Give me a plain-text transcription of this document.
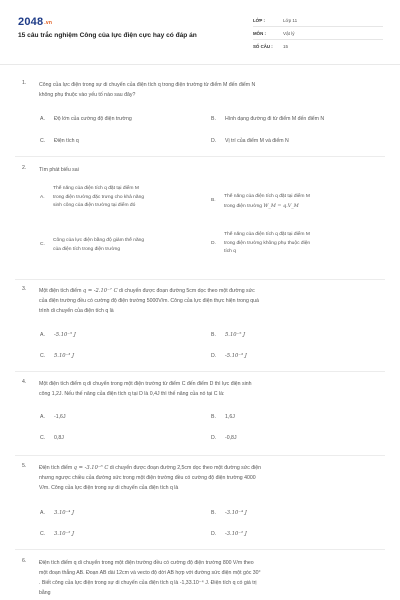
2048.vn
15 câu trắc nghiệm Công của lực điện cực hay có đáp án
LỚP :	Lớp 11
MÔN :	Vật lý
SỐ CÂU :	15
1. Công của lực điện trong sự di chuyển của điện tích q trong điện trường từ điểm M đến điểm N
không phụ thuộc vào yếu tố nào sau đây?
A. Độ lớn của cường độ điện trường	B. Hình dạng đường đi từ điểm M đến điểm N
C. Điện tích q	D. Vị trí của điểm M và điểm N
2. Tìm phát biểu sai
A.
Thế năng của điện tích q đặt tại điểm M
trong điện trường đặc trưng cho khả năng
sinh công của điện trường tại điểm đó
B.
Thế năng của điện tích q đặt tại điểm M
trong điện trường W_M = q.V_M
C.
Công của lực điện bằng độ giảm thế năng
của điện tích trong điện trường
D.
Thế năng của điện tích q đặt tại điểm M
trong điện trường không phụ thuộc điện
tích q
3. Một điện tích điểm q = -2.10⁻⁷ C di chuyển được đoạn đường 5cm dọc theo một đường sức
của điện trường đều có cường độ điện trường 5000V/m. Công của lực điện thực hiện trong quá
trình di chuyển của điện tích q là
A. -5.10⁻⁵ J	B. 5.10⁻⁵ J
C. 5.10⁻³ J	D. -5.10⁻³ J
4. Một điện tích điểm q di chuyển trong một điện trường từ điểm C đến điểm D thì lực điện sinh
công 1,2J. Nếu thế năng của điện tích q tại D là 0,4J thì thế năng của nó tại C là:
A. -1,6J	B. 1,6J
C. 0,8J	D. -0,8J
5. Điện tích điểm q = -3.10⁻⁶ C di chuyển được đoạn đường 2,5cm dọc theo một đường sức điện
nhưng ngược chiều của đường sức trong một điện trường đều có cường độ điện trường 4000
V/m. Công của lực điện trong sự di chuyển của điện tích q là
A. 3.10⁻⁴ J	B. -3.10⁻⁴ J
C. 3.10⁻² J	D. -3.10⁻² J
6. Điện tích điểm q di chuyển trong một điện trường đều có cường độ điện trường 800 V/m theo
một đoạn thẳng AB. Đoạn AB dài 12cm và vecto độ dời AB hợp với đường sức điện một góc 30°
. Biết công của lực điện trong sự di chuyển của điện tích q là -1,33.10⁻⁴ J. Điện tích q có giá trị
bằng
